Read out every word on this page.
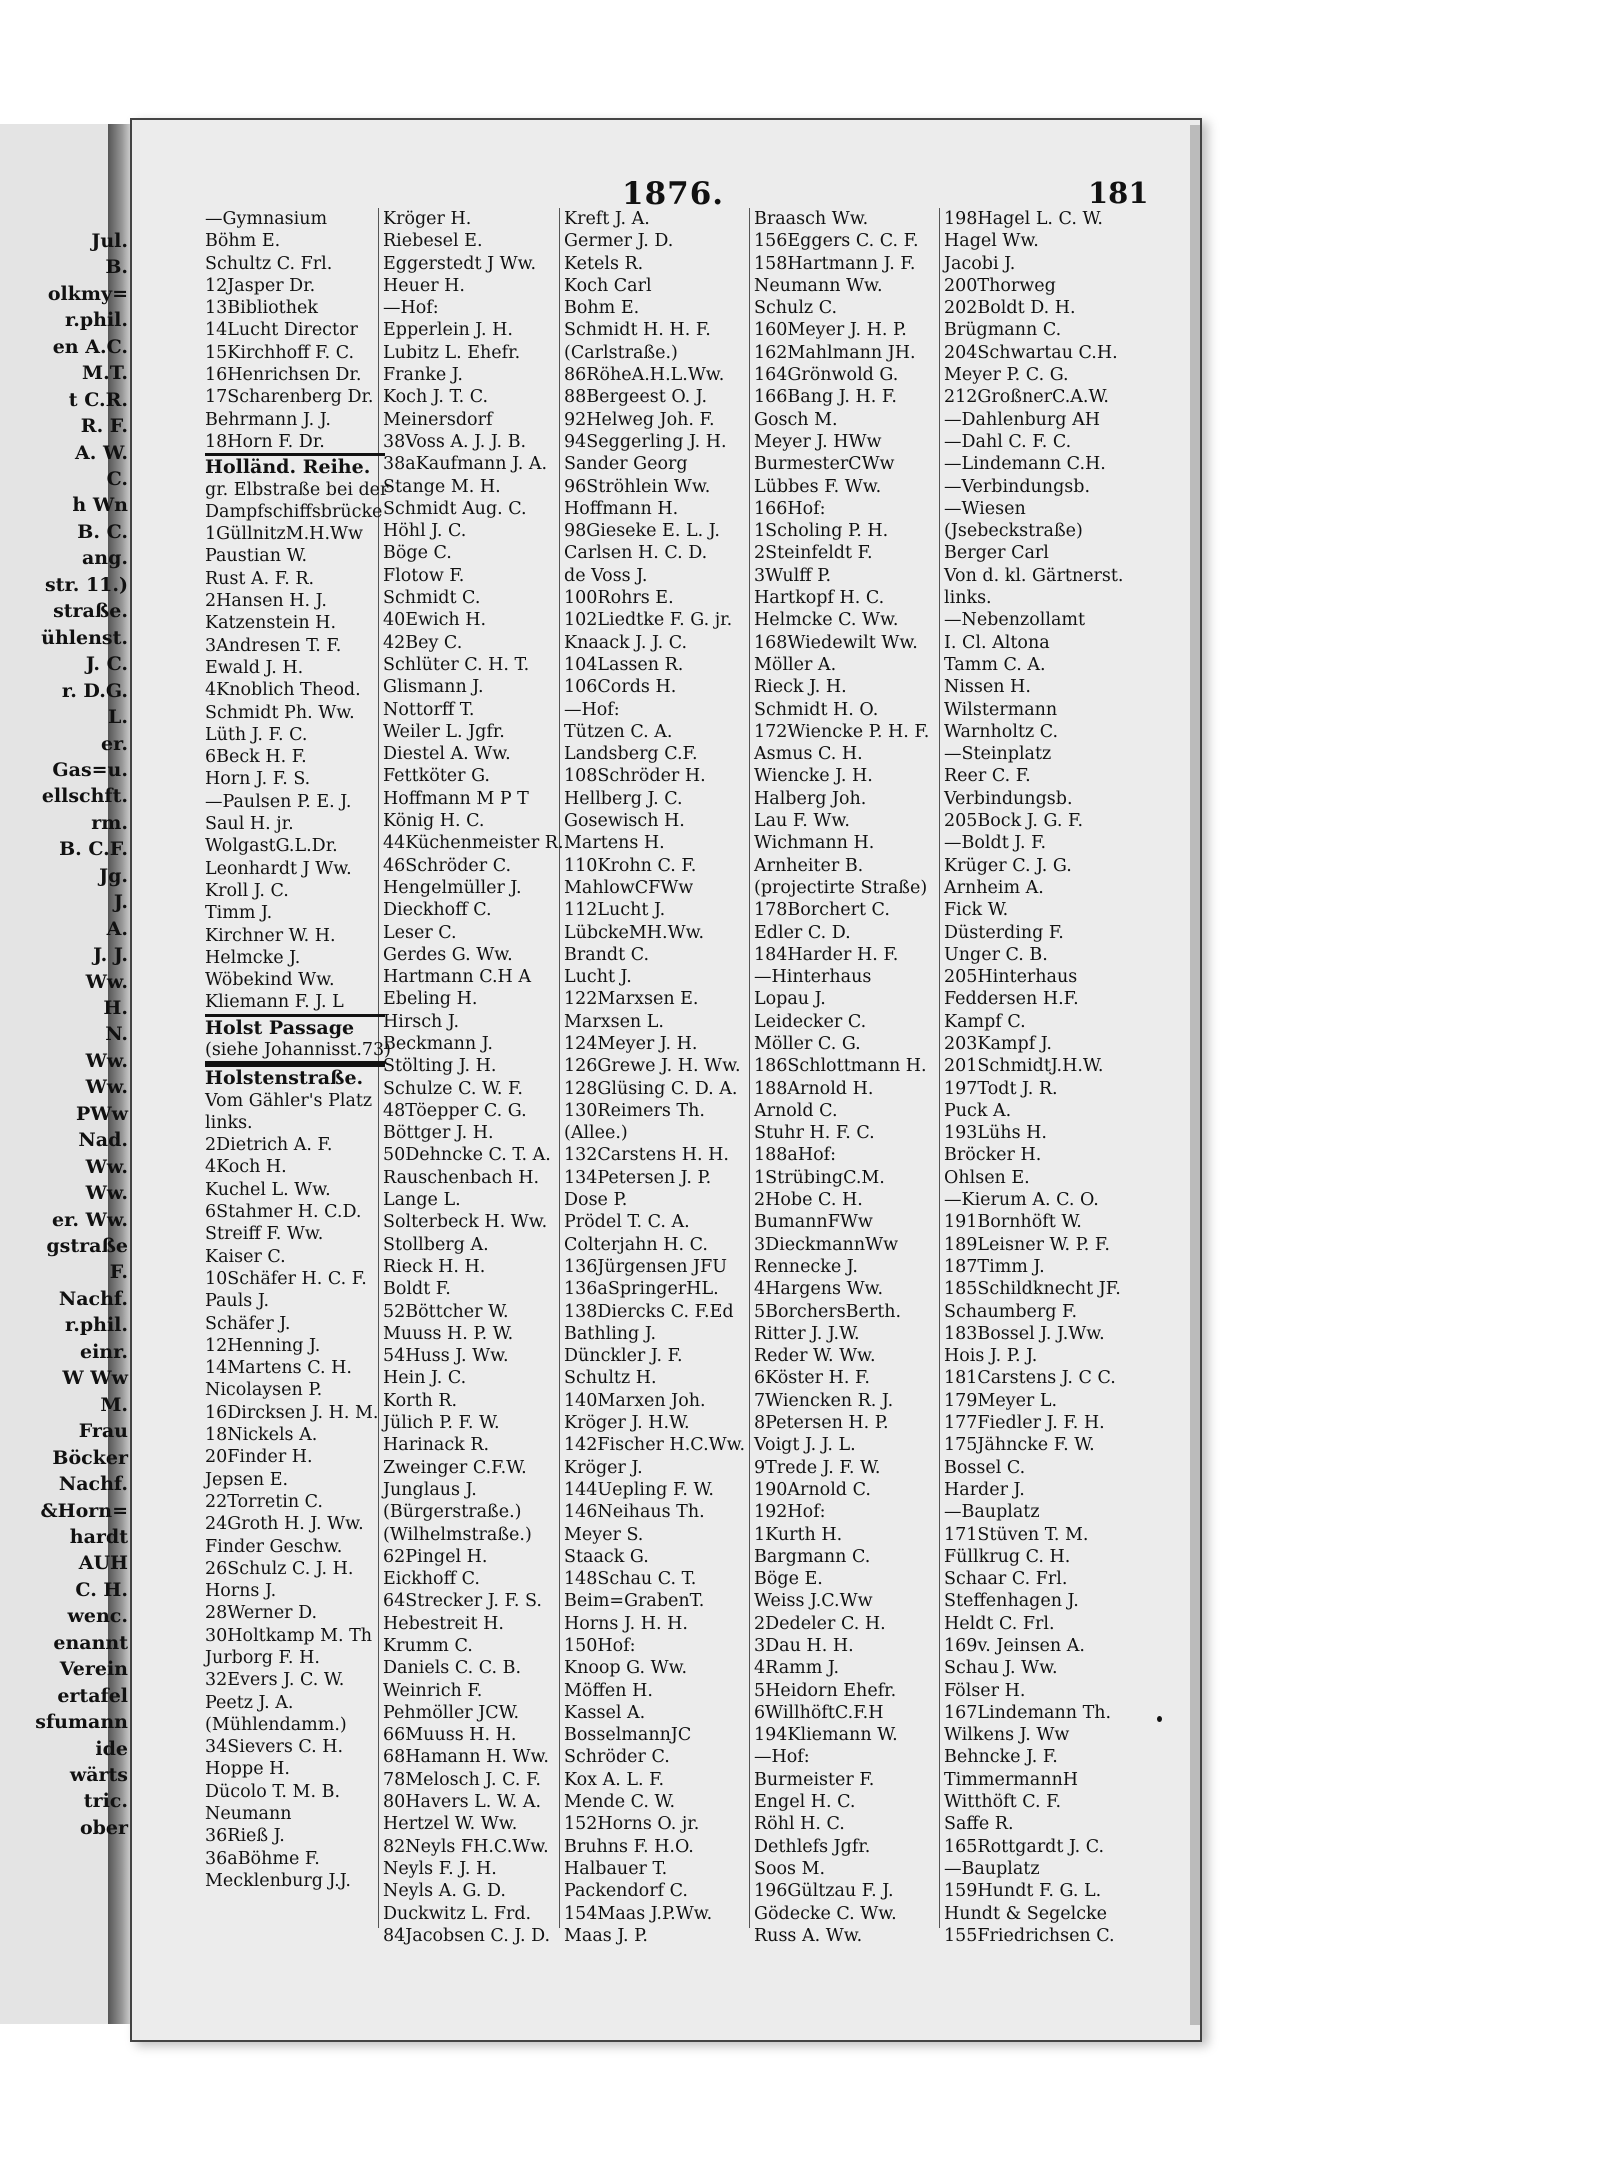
Jul.
B.
olkmy=
r.phil.
en A.C.
M.T.
t C.R.
R. F.
A. W.
C.
h Wn
B. C.
ang.
str. 11.)
straße.
ühlenst.
J. C.
r. D.G.
L.
er.
Gas=u.
ellschft.
rm.
B. C.F.
Jg.
J.
A.
J. J.
Ww.
H.
N.
Ww.
Ww.
PWw
Nad.
Ww.
Ww.
er. Ww.
gstraße
F.
Nachf.
r.phil.
einr.
W Ww
M.
Frau
Böcker
Nachf.
&Horn=
hardt
AUH
C. H.
wenc.
enannt
Verein
ertafel
sfumann
ide
wärts
tric.
ober
1876.	181
—Gymnasium
Böhm E.
Schultz C. Frl.
12Jasper Dr.
13Bibliothek
14Lucht Director
15Kirchhoff F. C.
16Henrichsen Dr.
17Scharenberg Dr.
Behrmann J. J.
18Horn F. Dr.
Holländ. Reihe.
gr. Elbstraße bei der
Dampfschiffsbrücke
1GüllnitzM.H.Ww
Paustian W.
Rust A. F. R.
2Hansen H. J.
Katzenstein H.
3Andresen T. F.
Ewald J. H.
4Knoblich Theod.
Schmidt Ph. Ww.
Lüth J. F. C.
6Beck H. F.
Horn J. F. S.
—Paulsen P. E. J.
Saul H. jr.
WolgastG.L.Dr.
Leonhardt J Ww.
Kroll J. C.
Timm J.
Kirchner W. H.
Helmcke J.
Wöbekind Ww.
Kliemann F. J. L
Holst Passage
(siehe Johannisst.73)
Holstenstraße.
Vom Gähler's Platz
links.
2Dietrich A. F.
4Koch H.
Kuchel L. Ww.
6Stahmer H. C.D.
Streiff F. Ww.
Kaiser C.
10Schäfer H. C. F.
Pauls J.
Schäfer J.
12Henning J.
14Martens C. H.
Nicolaysen P.
16Dircksen J. H. M.
18Nickels A.
20Finder H.
Jepsen E.
22Torretin C.
24Groth H. J. Ww.
Finder Geschw.
26Schulz C. J. H.
Horns J.
28Werner D.
30Holtkamp M. Th
Jurborg F. H.
32Evers J. C. W.
Peetz J. A.
(Mühlendamm.)
34Sievers C. H.
Hoppe H.
Dücolo T. M. B.
Neumann
36Rieß J.
36aBöhme F.
Mecklenburg J.J.
Kröger H.
Riebesel E.
Eggerstedt J Ww.
Heuer H.
—Hof:
Epperlein J. H.
Lubitz L. Ehefr.
Franke J.
Koch J. T. C.
Meinersdorf
38Voss A. J. J. B.
38aKaufmann J. A.
Stange M. H.
Schmidt Aug. C.
Höhl J. C.
Böge C.
Flotow F.
Schmidt C.
40Ewich H.
42Bey C.
Schlüter C. H. T.
Glismann J.
Nottorff T.
Weiler L. Jgfr.
Diestel A. Ww.
Fettköter G.
Hoffmann M P T
König H. C.
44Küchenmeister R.
46Schröder C.
Hengelmüller J.
Dieckhoff C.
Leser C.
Gerdes G. Ww.
Hartmann C.H A
Ebeling H.
Hirsch J.
Beckmann J.
Stölting J. H.
Schulze C. W. F.
48Töepper C. G.
Böttger J. H.
50Dehncke C. T. A.
Rauschenbach H.
Lange L.
Solterbeck H. Ww.
Stollberg A.
Rieck H. H.
Boldt F.
52Böttcher W.
Muuss H. P. W.
54Huss J. Ww.
Hein J. C.
Korth R.
Jülich P. F. W.
Harinack R.
Zweinger C.F.W.
Junglaus J.
(Bürgerstraße.)
(Wilhelmstraße.)
62Pingel H.
Eickhoff C.
64Strecker J. F. S.
Hebestreit H.
Krumm C.
Daniels C. C. B.
Weinrich F.
Pehmöller JCW.
66Muuss H. H.
68Hamann H. Ww.
78Melosch J. C. F.
80Havers L. W. A.
Hertzel W. Ww.
82Neyls FH.C.Ww.
Neyls F. J. H.
Neyls A. G. D.
Duckwitz L. Frd.
84Jacobsen C. J. D.
Kreft J. A.
Germer J. D.
Ketels R.
Koch Carl
Bohm E.
Schmidt H. H. F.
(Carlstraße.)
86RöheA.H.L.Ww.
88Bergeest O. J.
92Helweg Joh. F.
94Seggerling J. H.
Sander Georg
96Ströhlein Ww.
Hoffmann H.
98Gieseke E. L. J.
Carlsen H. C. D.
de Voss J.
100Rohrs E.
102Liedtke F. G. jr.
Knaack J. J. C.
104Lassen R.
106Cords H.
—Hof:
Tützen C. A.
Landsberg C.F.
108Schröder H.
Hellberg J. C.
Gosewisch H.
Martens H.
110Krohn C. F.
MahlowCFWw
112Lucht J.
LübckeMH.Ww.
Brandt C.
Lucht J.
122Marxsen E.
Marxsen L.
124Meyer J. H.
126Grewe J. H. Ww.
128Glüsing C. D. A.
130Reimers Th.
(Allee.)
132Carstens H. H.
134Petersen J. P.
Dose P.
Prödel T. C. A.
Colterjahn H. C.
136Jürgensen JFU
136aSpringerHL.
138Diercks C. F.Ed
Bathling J.
Dünckler J. F.
Schultz H.
140Marxen Joh.
Kröger J. H.W.
142Fischer H.C.Ww.
Kröger J.
144Uepling F. W.
146Neihaus Th.
Meyer S.
Staack G.
148Schau C. T.
Beim=GrabenT.
Horns J. H. H.
150Hof:
Knoop G. Ww.
Möffen H.
Kassel A.
BosselmannJC
Schröder C.
Kox A. L. F.
Mende C. W.
152Horns O. jr.
Bruhns F. H.O.
Halbauer T.
Packendorf C.
154Maas J.P.Ww.
Maas J. P.
Braasch Ww.
156Eggers C. C. F.
158Hartmann J. F.
Neumann Ww.
Schulz C.
160Meyer J. H. P.
162Mahlmann JH.
164Grönwold G.
166Bang J. H. F.
Gosch M.
Meyer J. HWw
BurmesterCWw
Lübbes F. Ww.
166Hof:
1Scholing P. H.
2Steinfeldt F.
3Wulff P.
Hartkopf H. C.
Helmcke C. Ww.
168Wiedewilt Ww.
Möller A.
Rieck J. H.
Schmidt H. O.
172Wiencke P. H. F.
Asmus C. H.
Wiencke J. H.
Halberg Joh.
Lau F. Ww.
Wichmann H.
Arnheiter B.
(projectirte Straße)
178Borchert C.
Edler C. D.
184Harder H. F.
—Hinterhaus
Lopau J.
Leidecker C.
Möller C. G.
186Schlottmann H.
188Arnold H.
Arnold C.
Stuhr H. F. C.
188aHof:
1StrübingC.M.
2Hobe C. H.
BumannFWw
3DieckmannWw
Rennecke J.
4Hargens Ww.
5BorchersBerth.
Ritter J. J.W.
Reder W. Ww.
6Köster H. F.
7Wiencken R. J.
8Petersen H. P.
Voigt J. J. L.
9Trede J. F. W.
190Arnold C.
192Hof:
1Kurth H.
Bargmann C.
Böge E.
Weiss J.C.Ww
2Dedeler C. H.
3Dau H. H.
4Ramm J.
5Heidorn Ehefr.
6WillhöftC.F.H
194Kliemann W.
—Hof:
Burmeister F.
Engel H. C.
Röhl H. C.
Dethlefs Jgfr.
Soos M.
196Gültzau F. J.
Gödecke C. Ww.
Russ A. Ww.
198Hagel L. C. W.
Hagel Ww.
Jacobi J.
200Thorweg
202Boldt D. H.
Brügmann C.
204Schwartau C.H.
Meyer P. C. G.
212GroßnerC.A.W.
—Dahlenburg AH
—Dahl C. F. C.
—Lindemann C.H.
—Verbindungsb.
—Wiesen
(Jsebeckstraße)
Berger Carl
Von d. kl. Gärtnerst.
links.
—Nebenzollamt
I. Cl. Altona
Tamm C. A.
Nissen H.
Wilstermann
Warnholtz C.
—Steinplatz
Reer C. F.
Verbindungsb.
205Bock J. G. F.
—Boldt J. F.
Krüger C. J. G.
Arnheim A.
Fick W.
Düsterding F.
Unger C. B.
205Hinterhaus
Feddersen H.F.
Kampf C.
203Kampf J.
201SchmidtJ.H.W.
197Todt J. R.
Puck A.
193Lühs H.
Bröcker H.
Ohlsen E.
—Kierum A. C. O.
191Bornhöft W.
189Leisner W. P. F.
187Timm J.
185Schildknecht JF.
Schaumberg F.
183Bossel J. J.Ww.
Hois J. P. J.
181Carstens J. C C.
179Meyer L.
177Fiedler J. F. H.
175Jähncke F. W.
Bossel C.
Harder J.
—Bauplatz
171Stüven T. M.
Füllkrug C. H.
Schaar C. Frl.
Steffenhagen J.
Heldt C. Frl.
169v. Jeinsen A.
Schau J. Ww.
Fölser H.
167Lindemann Th.
Wilkens J. Ww
Behncke J. F.
TimmermannH
Witthöft C. F.
Saffe R.
165Rottgardt J. C.
—Bauplatz
159Hundt F. G. L.
Hundt & Segelcke
155Friedrichsen C.
